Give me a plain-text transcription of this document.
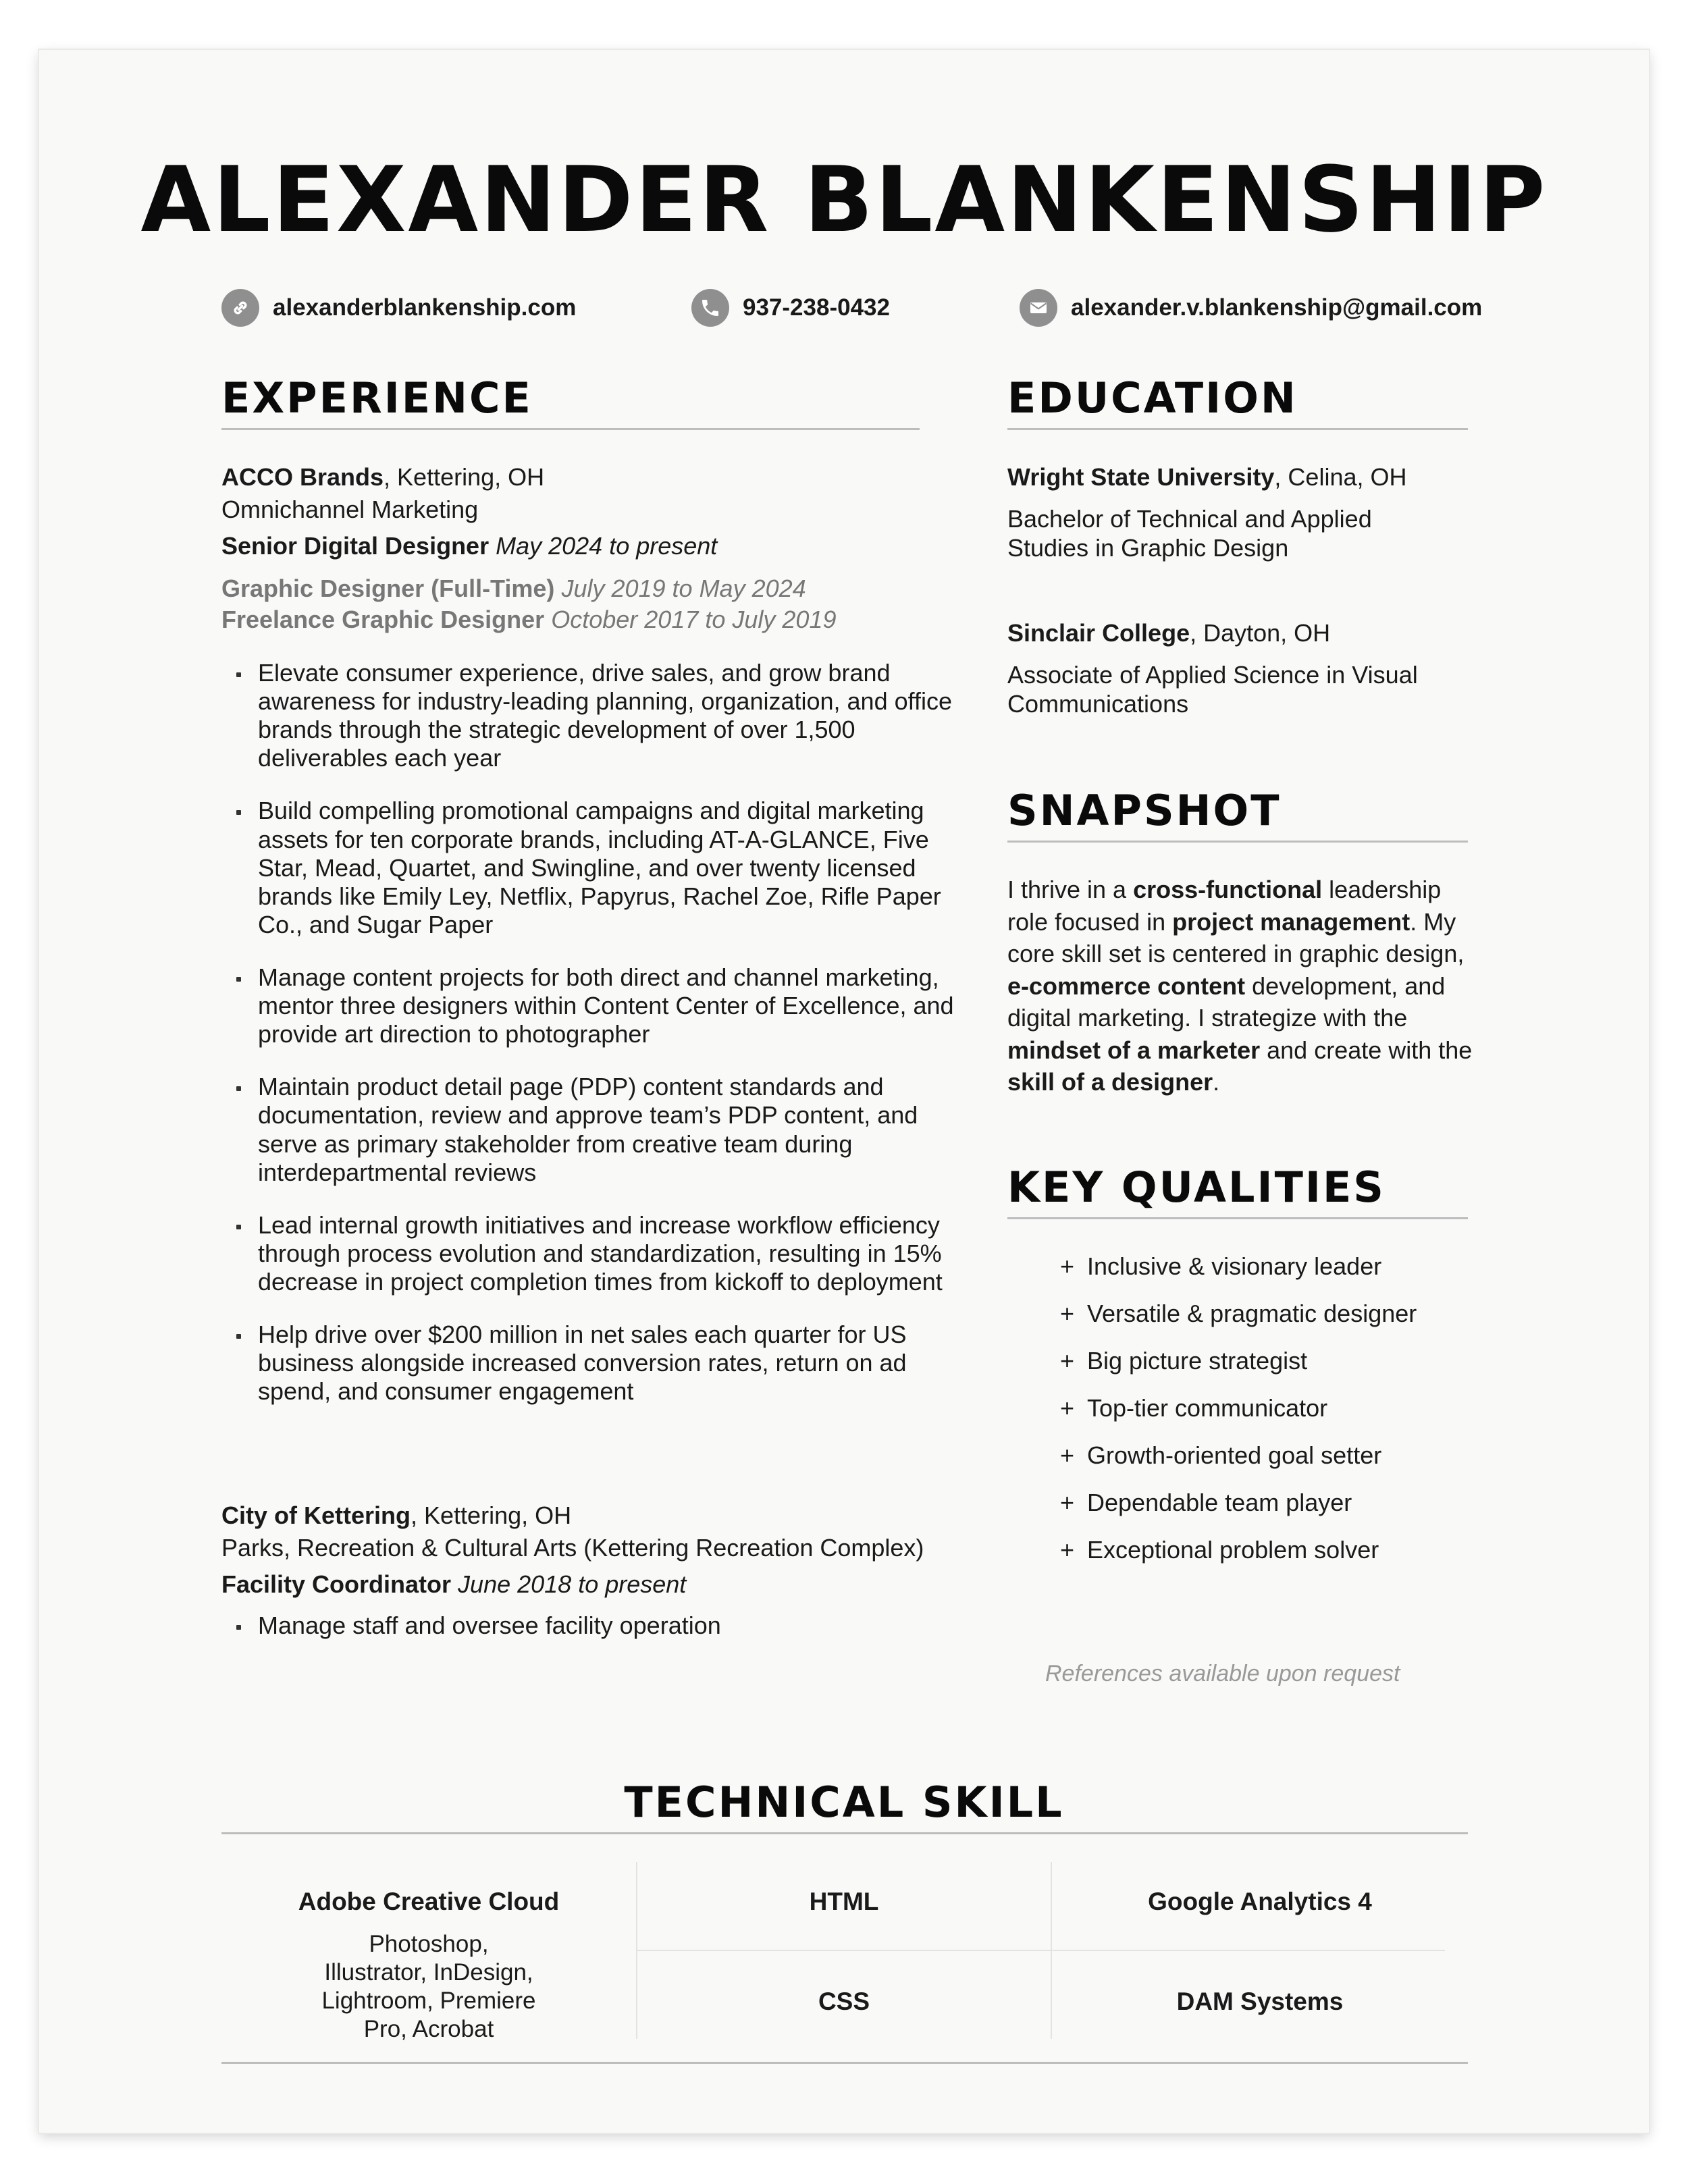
ALEXANDER BLANKENSHIP
alexanderblankenship.com	937-238-0432	alexander.v.blankenship@gmail.com
EXPERIENCE
ACCO Brands, Kettering, OH
Omnichannel Marketing
Senior Digital Designer May 2024 to present
Graphic Designer (Full-Time) July 2019 to May 2024
Freelance Graphic Designer October 2017 to July 2019
Elevate consumer experience, drive sales, and grow brand awareness for industry-leading planning, organization, and office brands through the strategic development of over 1,500 deliverables each year
Build compelling promotional campaigns and digital marketing assets for ten corporate brands, including AT-A-GLANCE, Five Star, Mead, Quartet, and Swingline, and over twenty licensed brands like Emily Ley, Netflix, Papyrus, Rachel Zoe, Rifle Paper Co., and Sugar Paper
Manage content projects for both direct and channel marketing, mentor three designers within Content Center of Excellence, and provide art direction to photographer
Maintain product detail page (PDP) content standards and documentation, review and approve team’s PDP content, and serve as primary stakeholder from creative team during interdepartmental reviews
Lead internal growth initiatives and increase workflow efficiency through process evolution and standardization, resulting in 15% decrease in project completion times from kickoff to deployment
Help drive over $200 million in net sales each quarter for US business alongside increased conversion rates, return on ad spend, and consumer engagement
City of Kettering, Kettering, OH
Parks, Recreation & Cultural Arts (Kettering Recreation Complex)
Facility Coordinator June 2018 to present
Manage staff and oversee facility operation
EDUCATION
Wright State University, Celina, OH
Bachelor of Technical and Applied Studies in Graphic Design
Sinclair College, Dayton, OH
Associate of Applied Science in Visual Communications
SNAPSHOT
I thrive in a cross-functional leadership role focused in project management. My core skill set is centered in graphic design, e-commerce content development, and digital marketing. I strategize with the mindset of a marketer and create with the skill of a designer.
KEY QUALITIES
+ Inclusive & visionary leader
+ Versatile & pragmatic designer
+ Big picture strategist
+ Top-tier communicator
+ Growth-oriented goal setter
+ Dependable team player
+ Exceptional problem solver
References available upon request
TECHNICAL SKILL
Adobe Creative Cloud
Photoshop, Illustrator, InDesign, Lightroom, Premiere Pro, Acrobat
HTML
CSS
Google Analytics 4
DAM Systems
